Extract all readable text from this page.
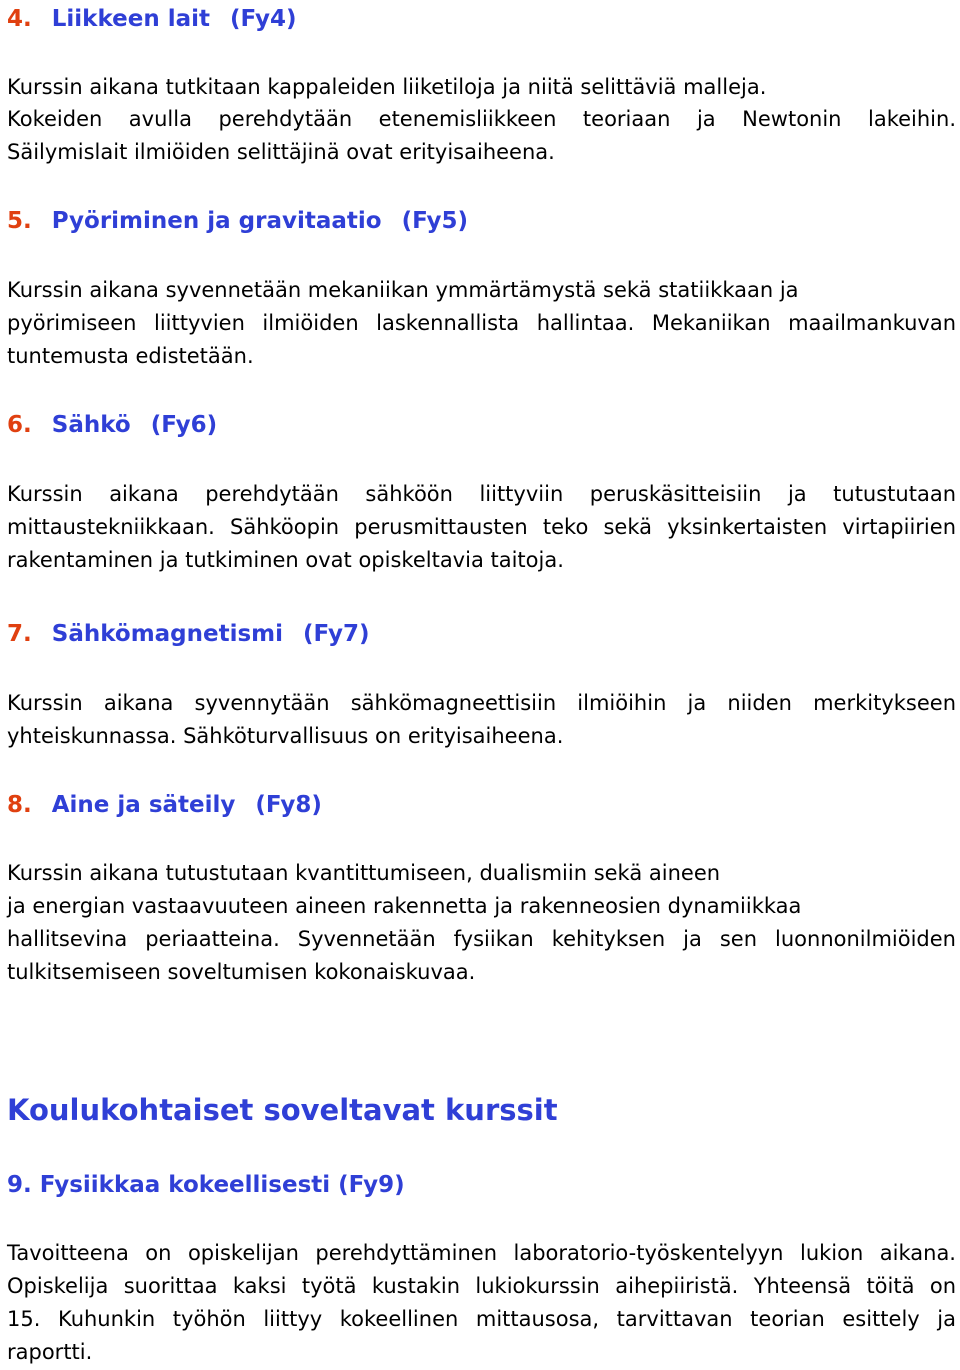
4. Liikkeen lait (Fy4)
Kurssin aikana tutkitaan kappaleiden liiketiloja ja niitä selittäviä malleja.
Kokeiden avulla perehdytään etenemisliikkeen teoriaan ja Newtonin lakeihin.
Säilymislait ilmiöiden selittäjinä ovat erityisaiheena.
5. Pyöriminen ja gravitaatio (Fy5)
Kurssin aikana syvennetään mekaniikan ymmärtämystä sekä statiikkaan ja
pyörimiseen liittyvien ilmiöiden laskennallista hallintaa. Mekaniikan maailmankuvan
tuntemusta edistetään.
6. Sähkö (Fy6)
Kurssin aikana perehdytään sähköön liittyviin peruskäsitteisiin ja tutustutaan
mittaustekniikkaan. Sähköopin perusmittausten teko sekä yksinkertaisten virtapiirien
rakentaminen ja tutkiminen ovat opiskeltavia taitoja.
7. Sähkömagnetismi (Fy7)
Kurssin aikana syvennytään sähkömagneettisiin ilmiöihin ja niiden merkitykseen
yhteiskunnassa. Sähköturvallisuus on erityisaiheena.
8. Aine ja säteily (Fy8)
Kurssin aikana tutustutaan kvantittumiseen, dualismiin sekä aineen
ja energian vastaavuuteen aineen rakennetta ja rakenneosien dynamiikkaa
hallitsevina periaatteina. Syvennetään fysiikan kehityksen ja sen luonnonilmiöiden
tulkitsemiseen soveltumisen kokonaiskuvaa.
Koulukohtaiset soveltavat kurssit
9. Fysiikkaa kokeellisesti (Fy9)
Tavoitteena on opiskelijan perehdyttäminen laboratorio-työskentelyyn lukion aikana.
Opiskelija suorittaa kaksi työtä kustakin lukiokurssin aihepiiristä. Yhteensä töitä on
15. Kuhunkin työhön liittyy kokeellinen mittausosa, tarvittavan teorian esittely ja
raportti.
